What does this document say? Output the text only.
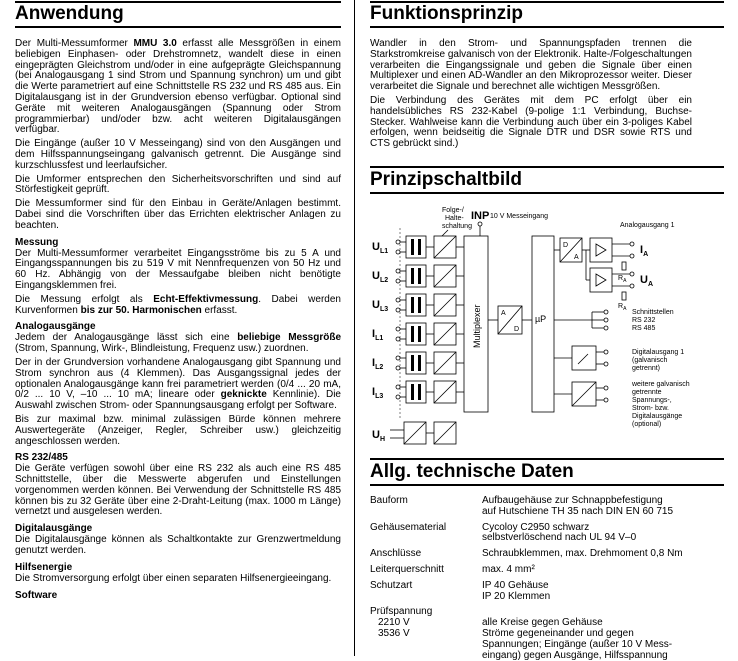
Anwendung

Der Multi-Messumformer MMU 3.0 erfasst alle Messgrößen in einem beliebigen Einphasen- oder Drehstromnetz, wandelt diese in einen eingeprägten Gleichstrom und/oder in eine aufgeprägte Gleichspannung (bei Analogausgang 1 sind Strom und Spannung synchron) um und gibt die Werte parametriert auf eine Schnittstelle RS 232 und RS 485 aus. Ein Digitalausgang ist in der Grundversion ebenso verfügbar. Optional sind Geräte mit weiteren Analogausgängen (Spannung oder Strom programmierbar) und/oder bzw. acht weiteren Digitalausgängen verfügbar.

Die Eingänge (außer 10 V Messeingang) sind von den Ausgängen und dem Hilfsspannungseingang galvanisch getrennt. Die Ausgänge sind kurzschlussfest und leerlaufsicher.

Die Umformer entsprechen den Sicherheitsvorschriften und sind auf Störfestigkeit geprüft.

Die Messumformer sind für den Einbau in Geräte/Anlagen bestimmt. Dabei sind die Vorschriften über das Errichten elektrischer Anlagen zu beachten.

Messung

Der Multi-Messumformer verarbeitet Eingangsströme bis zu 5 A und Eingangsspannungen bis zu 519 V mit Nennfrequenzen von 50 Hz und 60 Hz. Abhängig von der Messaufgabe bleiben nicht benötigte Eingangsklemmen frei.

Die Messung erfolgt als Echt-Effektivmessung. Dabei werden Kurvenformen bis zur 50. Harmonischen erfasst.

Analogausgänge

Jedem der Analogausgänge lässt sich eine beliebige Messgröße (Strom, Spannung, Wirk-, Blindleistung, Frequenz usw.) zuordnen.

Der in der Grundversion vorhandene Analogausgang gibt Spannung und Strom synchron aus (4 Klemmen). Das Ausgangssignal jedes der optionalen Analogausgänge kann frei parametriert werden (0/4 ... 20 mA, 0/2 ... 10 V, –10 ... 10 mA; lineare oder geknickte Kennlinie). Die Auswahl zwischen Strom- oder Spannungsausgang erfolgt per Software.

Bis zur maximal bzw. minimal zulässigen Bürde können mehrere Auswertegeräte (Anzeiger, Regler, Schreiber usw.) gleichzeitig angeschlossen werden.

RS 232/485

Die Geräte verfügen sowohl über eine RS 232 als auch eine RS 485 Schnittstelle, über die Messwerte abgerufen und Einstellungen vorgenommen werden können. Bei Verwendung der Schnittstelle RS 485 können bis zu 32 Geräte über eine 2-Draht-Leitung (max. 1000 m Länge) vernetzt und ausgelesen werden.

Digitalausgänge

Die Digitalausgänge können als Schaltkontakte zur Grenzwertmeldung genutzt werden.

Hilfsenergie

Die Stromversorgung erfolgt über einen separaten Hilfsenergieeingang.

Software
Funktionsprinzip

Wandler in den Strom- und Spannungspfaden trennen die Starkstromkreise galvanisch von der Elektronik. Halte-/Folgeschaltungen verarbeiten die Eingangssignale und geben die Signale über einen Multiplexer und einen AD-Wandler an den Mikroprozessor weiter. Dieser verarbeitet die Signale und berechnet alle wichtigen Messgrößen.

Die Verbindung des Gerätes mit dem PC erfolgt über ein handelsübliches RS 232-Kabel (9-polige 1:1 Verbindung, Buchse-Stecker. Wahlweise kann die Verbindung auch über ein 3-poliges Kabel erfolgen, wenn beidseitig die Signale DTR und DSR sowie RTS und CTS gebrückt sind.)

Prinzipschaltbild
Folge-/ Halte-schaltung
INP 10 V Messeingang
Analogausgang 1
$U_{L1}$
$U_{L2}$
$U_{L3}$
$I_{L1}$
$I_{L2}$
$I_{L3}$
Multiplexer	A
D
µP
D
A
$I_A$
$R_A$ $U_A$
$R_A$ Schnittstellen RS 232 RS 485
Digitalausgang 1 (galvanisch getrennt)
weitere galvanisch getrennte Spannungs-, Strom- bzw. Digitalausgänge (optional)
$U_H$
Allg. technische Daten
Bauform	Aufbaugehäuse zur Schnappbefestigung
auf Hutschiene TH 35 nach DIN EN 60 715
Gehäusematerial	Cycoloy C2950 schwarz
selbstverlöschend nach UL 94 V–0
Anschlüsse	Schraubklemmen, max. Drehmoment 0,8 Nm
Leiterquerschnitt	max. 4 mm²
Schutzart	IP 40 Gehäuse
IP 20 Klemmen
Prüfspannung
2210 V	alle Kreise gegen Gehäuse
3536 V	Ströme gegeneinander und gegen
Spannungen; Eingänge (außer 10 V Mess-
eingang) gegen Ausgänge, Hilfsspannung
